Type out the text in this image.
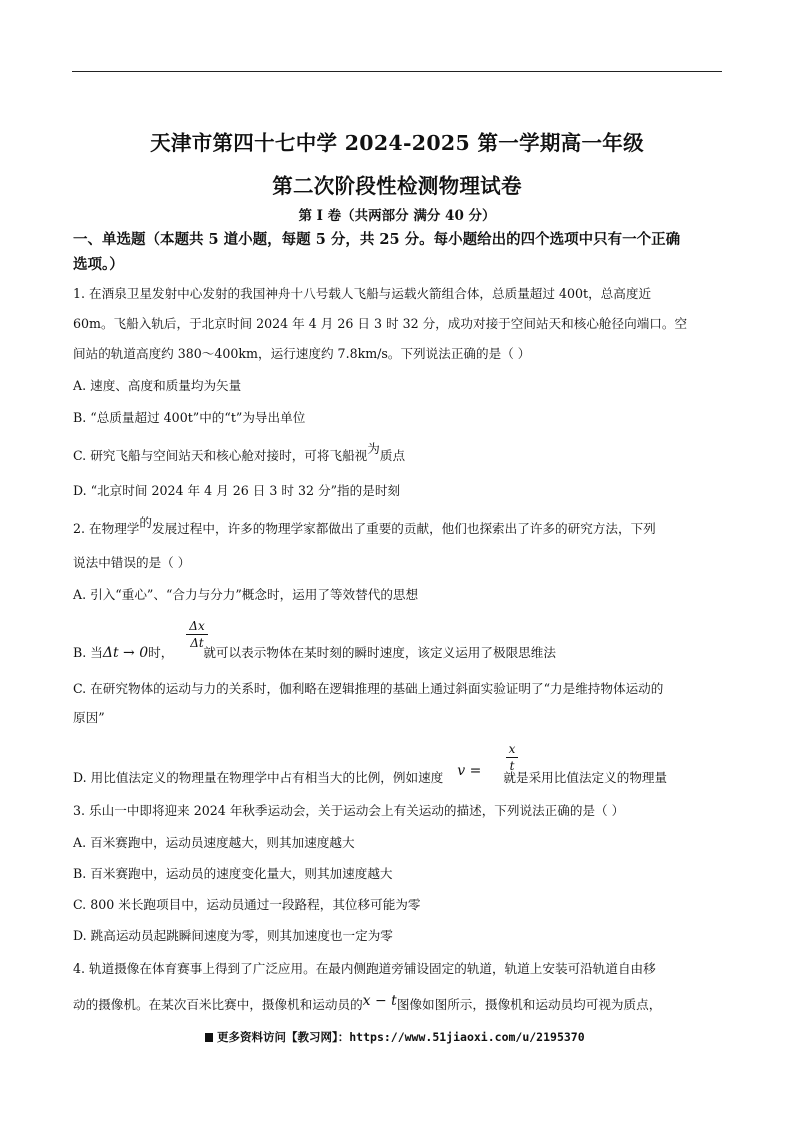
天津市第四十七中学 2024-2025 第一学期高一年级
第二次阶段性检测物理试卷
第 I 卷（共两部分 满分 40 分）
一、单选题（本题共 5 道小题，每题 5 分，共 25 分。每小题给出的四个选项中只有一个正确
选项。）
1. 在酒泉卫星发射中心发射的我国神舟十八号载人飞船与运载火箭组合体，总质量超过 400t，总高度近
60m。飞船入轨后，于北京时间 2024 年 4 月 26 日 3 时 32 分，成功对接于空间站天和核心舱径向端口。空
间站的轨道高度约 380～400km，运行速度约 7.8km/s。下列说法正确的是（ ）
A. 速度、高度和质量均为矢量
B. “总质量超过 400t”中的“t”为导出单位
C. 研究飞船与空间站天和核心舱对接时，可将飞船视为质点
D. “北京时间 2024 年 4 月 26 日 3 时 32 分”指的是时刻
2. 在物理学的发展过程中，许多的物理学家都做出了重要的贡献，他们也探索出了许多的研究方法，下列
说法中错误的是（ ）
A. 引入“重心”、“合力与分力”概念时，运用了等效替代的思想
B. 当Δt → 0时， 就可以表示物体在某时刻的瞬时速度，该定义运用了极限思维法
Δx
Δt
C. 在研究物体的运动与力的关系时，伽利略在逻辑推理的基础上通过斜面实验证明了“力是维持物体运动的
原因”
D. 用比值法定义的物理量在物理学中占有相当大的比例，例如速度 v = 就是采用比值法定义的物理量
x
t
3. 乐山一中即将迎来 2024 年秋季运动会，关于运动会上有关运动的描述，下列说法正确的是（ ）
A. 百米赛跑中，运动员速度越大，则其加速度越大
B. 百米赛跑中，运动员的速度变化量大，则其加速度越大
C. 800 米长跑项目中，运动员通过一段路程，其位移可能为零
D. 跳高运动员起跳瞬间速度为零，则其加速度也一定为零
4. 轨道摄像在体育赛事上得到了广泛应用。在最内侧跑道旁铺设固定的轨道，轨道上安装可沿轨道自由移
动的摄像机。在某次百米比赛中，摄像机和运动员的x − t图像如图所示，摄像机和运动员均可视为质点，
更多资料访问【教习网】：https://www.51jiaoxi.com/u/2195370
